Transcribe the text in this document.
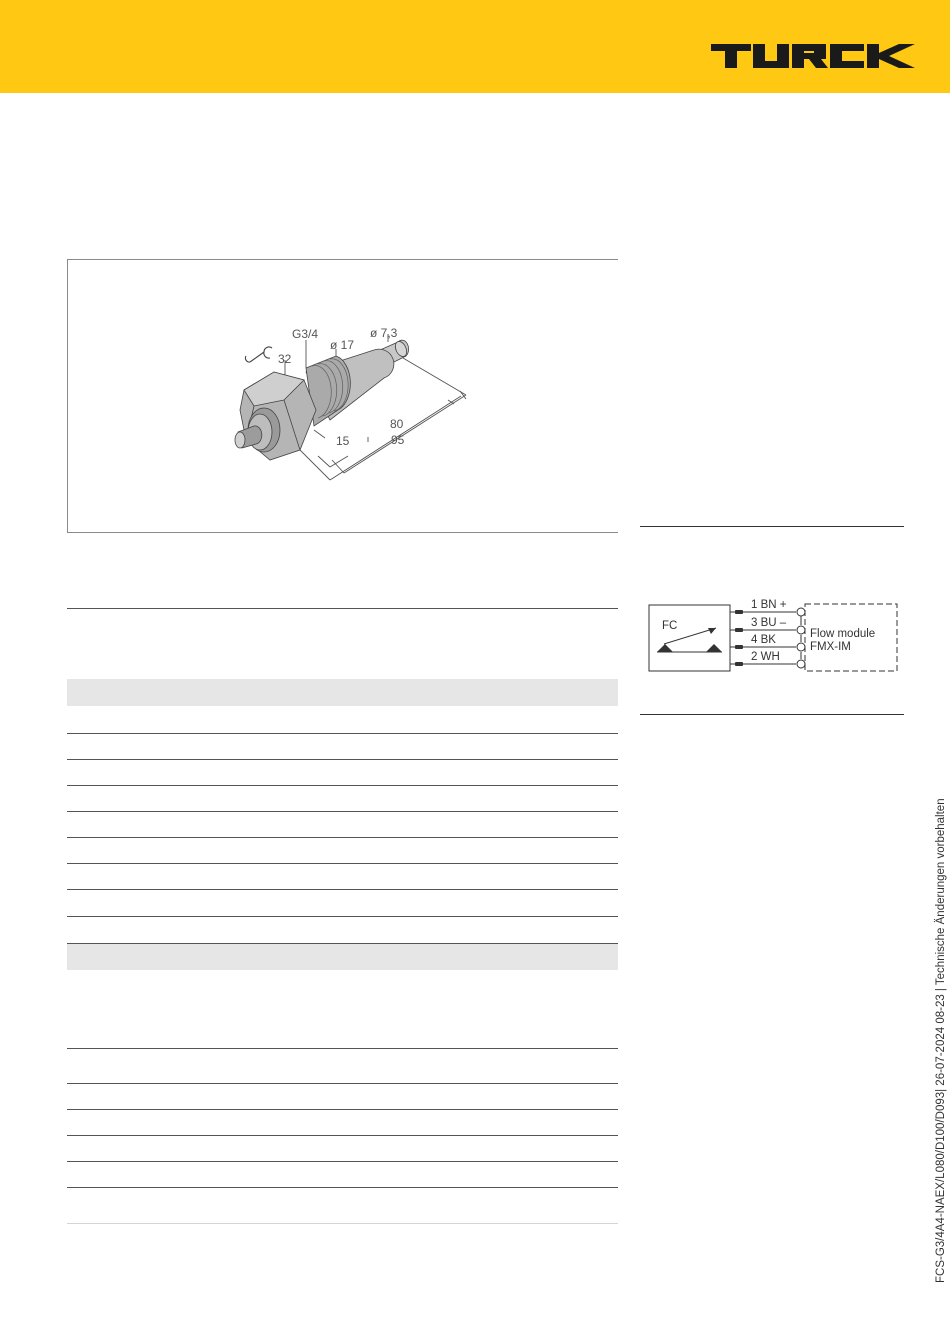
32
G3/4
ø 17
ø 7,3
80
15	95
FC
1 BN +
3 BU –
4 BK
2 WH
Flow module
FMX-IM
FCS-G3/4A4-NAEX/L080/D100/D093| 26-07-2024 08-23 | Technische Änderungen vorbehalten
